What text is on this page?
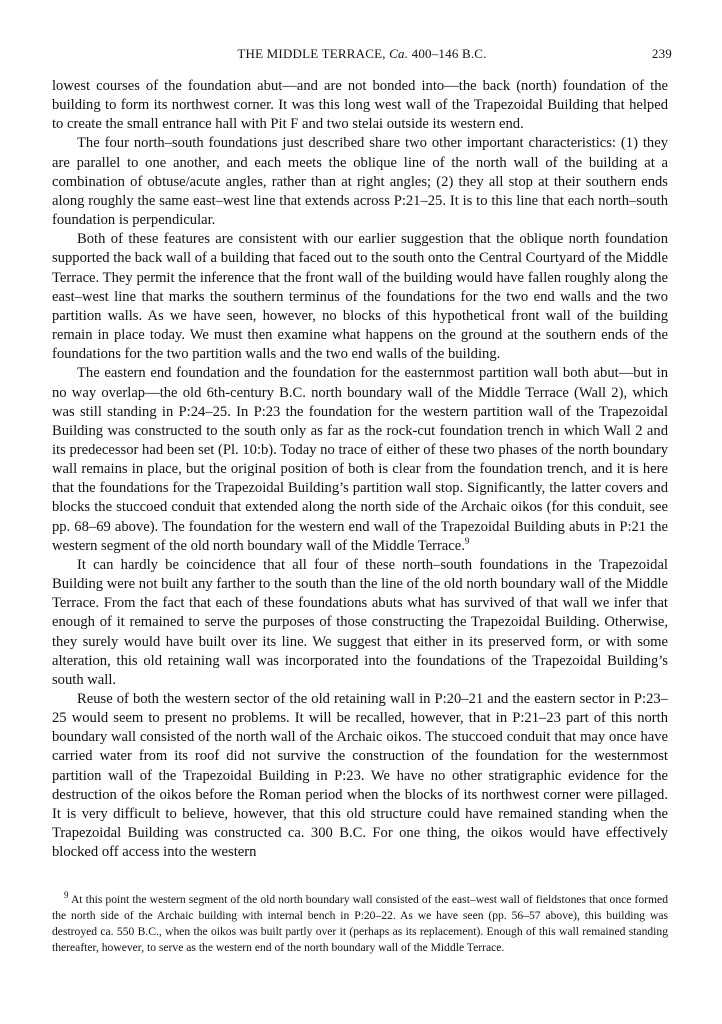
THE MIDDLE TERRACE, Ca. 400–146 B.C.	239

lowest courses of the foundation abut—and are not bonded into—the back (north) foundation of the building to form its northwest corner. It was this long west wall of the Trapezoidal Building that helped to create the small entrance hall with Pit F and two stelai outside its western end.

The four north–south foundations just described share two other important characteristics: (1) they are parallel to one another, and each meets the oblique line of the north wall of the building at a combination of obtuse/acute angles, rather than at right angles; (2) they all stop at their southern ends along roughly the same east–west line that extends across P:21–25. It is to this line that each north–south foundation is perpendicular.

Both of these features are consistent with our earlier suggestion that the oblique north foundation supported the back wall of a building that faced out to the south onto the Central Courtyard of the Middle Terrace. They permit the inference that the front wall of the building would have fallen roughly along the east–west line that marks the southern terminus of the foundations for the two end walls and the two partition walls. As we have seen, however, no blocks of this hypothetical front wall of the building remain in place today. We must then examine what happens on the ground at the southern ends of the foundations for the two partition walls and the two end walls of the building.

The eastern end foundation and the foundation for the easternmost partition wall both abut—but in no way overlap—the old 6th-century B.C. north boundary wall of the Middle Terrace (Wall 2), which was still standing in P:24–25. In P:23 the foundation for the western partition wall of the Trapezoidal Building was constructed to the south only as far as the rock-cut foundation trench in which Wall 2 and its predecessor had been set (Pl. 10:b). Today no trace of either of these two phases of the north boundary wall remains in place, but the original position of both is clear from the foundation trench, and it is here that the foundations for the Trapezoidal Building’s partition wall stop. Significantly, the latter covers and blocks the stuccoed conduit that extended along the north side of the Archaic oikos (for this conduit, see pp. 68–69 above). The foundation for the western end wall of the Trapezoidal Building abuts in P:21 the western segment of the old north boundary wall of the Middle Terrace.$^9$

It can hardly be coincidence that all four of these north–south foundations in the Trapezoidal Building were not built any farther to the south than the line of the old north boundary wall of the Middle Terrace. From the fact that each of these foundations abuts what has survived of that wall we infer that enough of it remained to serve the purposes of those constructing the Trapezoidal Building. Otherwise, they surely would have built over its line. We suggest that either in its preserved form, or with some alteration, this old retaining wall was incorporated into the foundations of the Trapezoidal Building’s south wall.

Reuse of both the western sector of the old retaining wall in P:20–21 and the eastern sector in P:23–25 would seem to present no problems. It will be recalled, however, that in P:21–23 part of this north boundary wall consisted of the north wall of the Archaic oikos. The stuccoed conduit that may once have carried water from its roof did not survive the construction of the foundation for the westernmost partition wall of the Trapezoidal Building in P:23. We have no other stratigraphic evidence for the destruction of the oikos before the Roman period when the blocks of its northwest corner were pillaged. It is very difficult to believe, however, that this old structure could have remained standing when the Trapezoidal Building was constructed ca. 300 B.C. For one thing, the oikos would have effectively blocked off access into the western

$^9$ At this point the western segment of the old north boundary wall consisted of the east–west wall of fieldstones that once formed the north side of the Archaic building with internal bench in P:20–22. As we have seen (pp. 56–57 above), this building was destroyed ca. 550 B.C., when the oikos was built partly over it (perhaps as its replacement). Enough of this wall remained standing thereafter, however, to serve as the western end of the north boundary wall of the Middle Terrace.
